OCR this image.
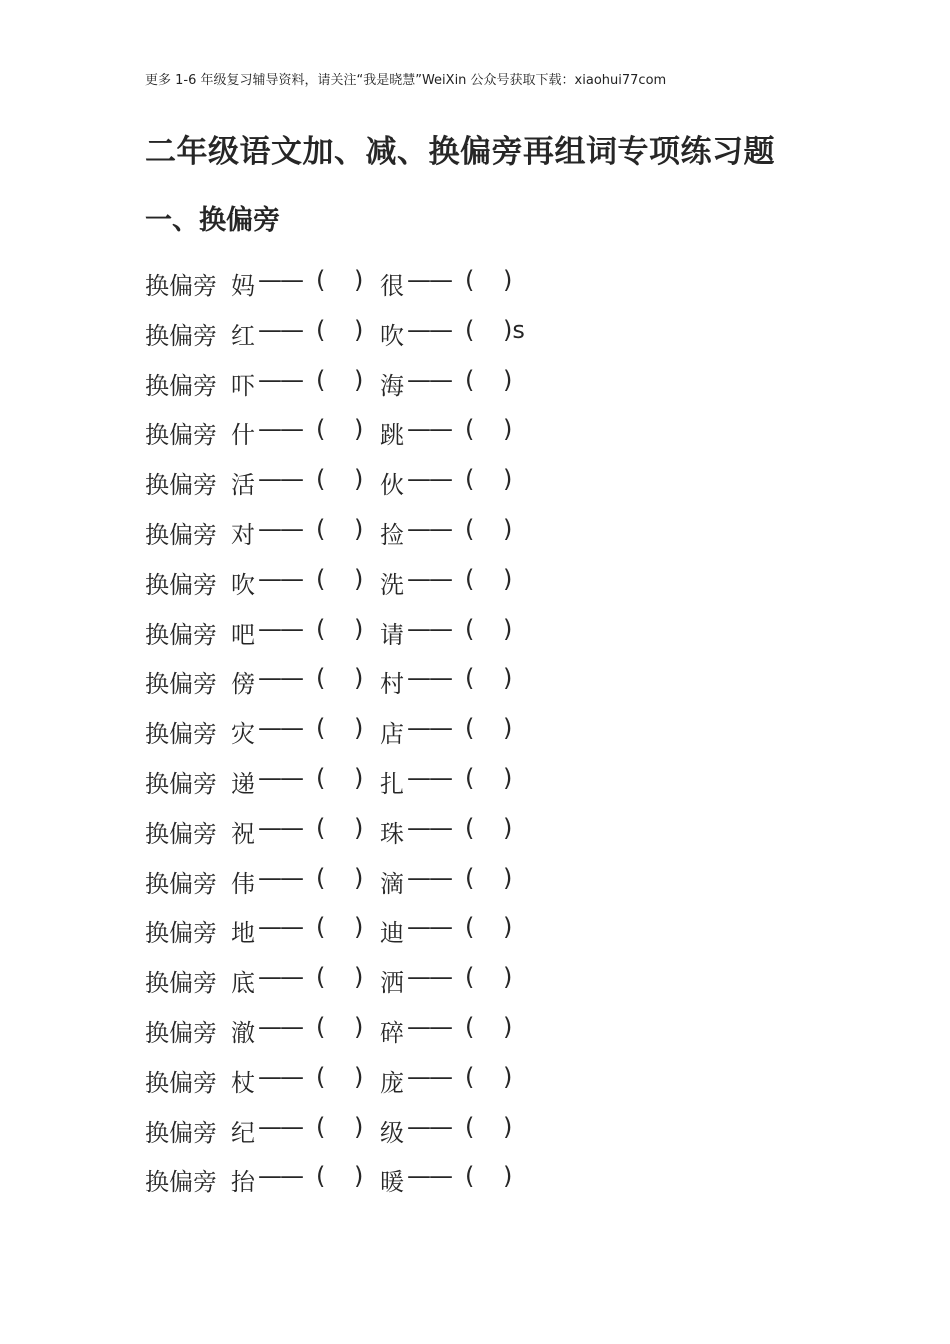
更多 1-6 年级复习辅导资料，请关注“我是晓慧”WeiXin 公众号获取下载：xiaohui77com
二年级语文加、减、换偏旁再组词专项练习题
一、换偏旁
换偏旁 妈 —— ( ) 很 —— ( )
换偏旁 红 —— ( ) 吹 —— ( )s
换偏旁 吓 —— ( ) 海 —— ( )
换偏旁 什 —— ( ) 跳 —— ( )
换偏旁 活 —— ( ) 伙 —— ( )
换偏旁 对 —— ( ) 捡 —— ( )
换偏旁 吹 —— ( ) 洗 —— ( )
换偏旁 吧 —— ( ) 请 —— ( )
换偏旁 傍 —— ( ) 村 —— ( )
换偏旁 灾 —— ( ) 店 —— ( )
换偏旁 递 —— ( ) 扎 —— ( )
换偏旁 祝 —— ( ) 珠 —— ( )
换偏旁 伟 —— ( ) 滴 —— ( )
换偏旁 地 —— ( ) 迪 —— ( )
换偏旁 底 —— ( ) 洒 —— ( )
换偏旁 澈 —— ( ) 碎 —— ( )
换偏旁 杖 —— ( ) 庞 —— ( )
换偏旁 纪 —— ( ) 级 —— ( )
换偏旁 抬 —— ( ) 暖 —— ( )
